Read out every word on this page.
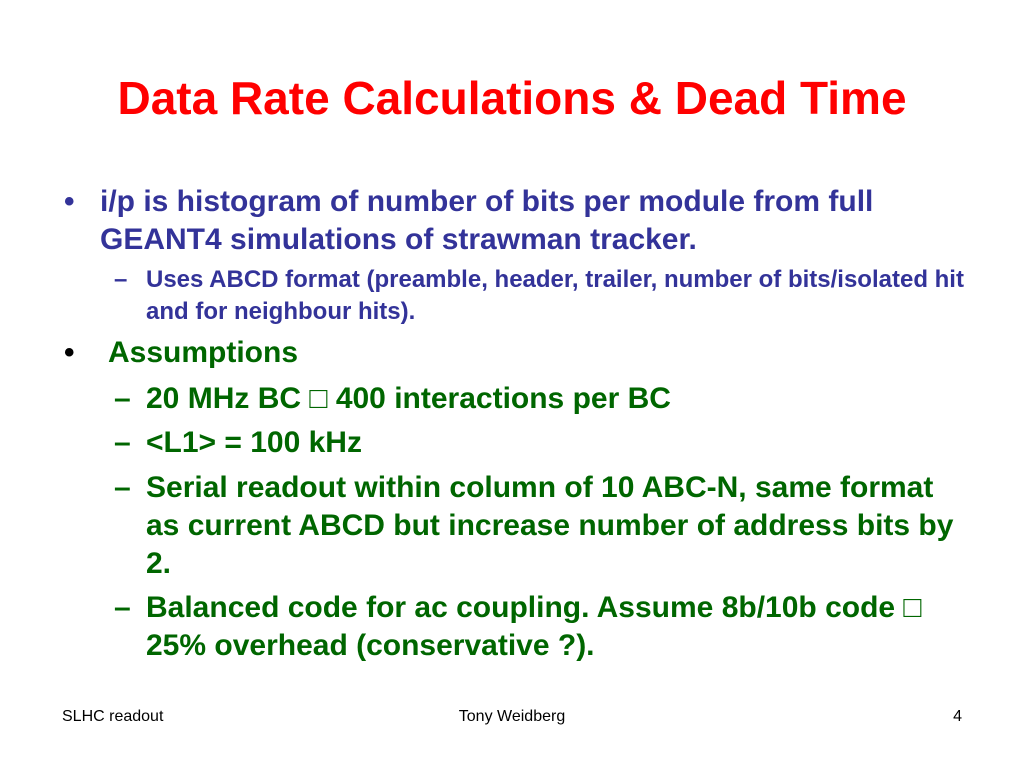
Data Rate Calculations & Dead Time
• i/p is histogram of number of bits per module from full GEANT4 simulations of strawman tracker.
– Uses ABCD format (preamble, header, trailer, number of bits/isolated hit and for neighbour hits).
• Assumptions
– 20 MHz BC □ 400 interactions per BC
– <L1> = 100 kHz
– Serial readout within column of 10 ABC-N, same format as current ABCD but increase number of address bits by 2.
– Balanced code for ac coupling. Assume 8b/10b code □ 25% overhead (conservative ?).
Tony Weidberg
SLHC readout	4
